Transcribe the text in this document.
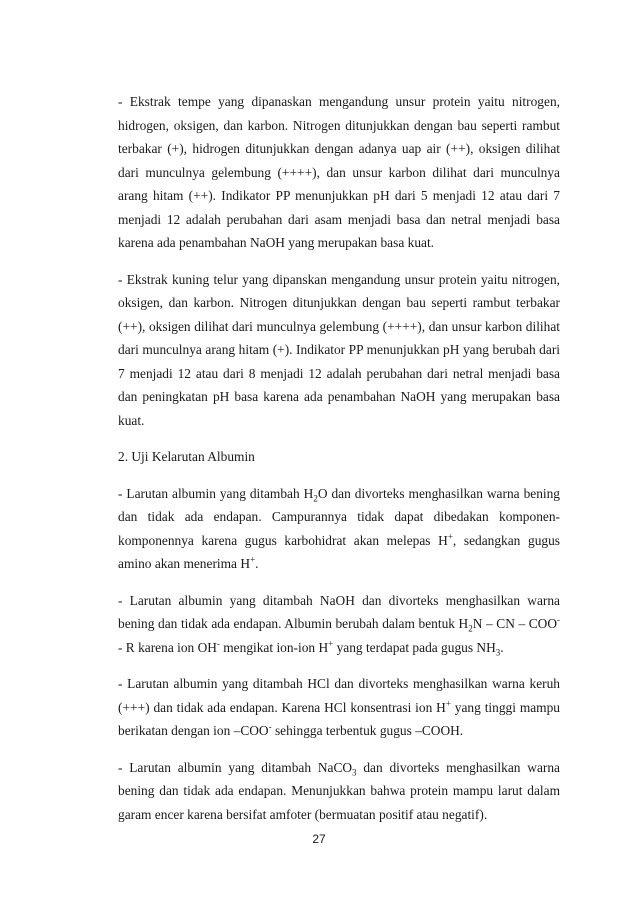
- Ekstrak tempe yang dipanaskan mengandung unsur protein yaitu nitrogen, hidrogen, oksigen, dan karbon. Nitrogen ditunjukkan dengan bau seperti rambut terbakar (+), hidrogen ditunjukkan dengan adanya uap air (++), oksigen dilihat dari munculnya gelembung (++++), dan unsur karbon dilihat dari munculnya arang hitam (++). Indikator PP menunjukkan pH dari 5 menjadi 12 atau dari 7 menjadi 12 adalah perubahan dari asam menjadi basa dan netral menjadi basa karena ada penambahan NaOH yang merupakan basa kuat.

- Ekstrak kuning telur yang dipanskan mengandung unsur protein yaitu nitrogen, oksigen, dan karbon. Nitrogen ditunjukkan dengan bau seperti rambut terbakar (++), oksigen dilihat dari munculnya gelembung (++++), dan unsur karbon dilihat dari munculnya arang hitam (+). Indikator PP menunjukkan pH yang berubah dari 7 menjadi 12 atau dari 8 menjadi 12 adalah perubahan dari netral menjadi basa dan peningkatan pH basa karena ada penambahan NaOH yang merupakan basa kuat.

2. Uji Kelarutan Albumin

- Larutan albumin yang ditambah $H_2O$ dan divorteks menghasilkan warna bening dan tidak ada endapan. Campurannya tidak dapat dibedakan komponen-komponennya karena gugus karbohidrat akan melepas H+, sedangkan gugus amino akan menerima H+.

- Larutan albumin yang ditambah NaOH dan divorteks menghasilkan warna bening dan tidak ada endapan. Albumin berubah dalam bentuk $H_2N$ – CN – COO- - R karena ion OH- mengikat ion-ion H+ yang terdapat pada gugus $NH_3$.

- Larutan albumin yang ditambah HCl dan divorteks menghasilkan warna keruh (+++) dan tidak ada endapan. Karena HCl konsentrasi ion H+ yang tinggi mampu berikatan dengan ion –COO- sehingga terbentuk gugus –COOH.

- Larutan albumin yang ditambah NaCO$_3$ dan divorteks menghasilkan warna bening dan tidak ada endapan. Menunjukkan bahwa protein mampu larut dalam garam encer karena bersifat amfoter (bermuatan positif atau negatif).

27
